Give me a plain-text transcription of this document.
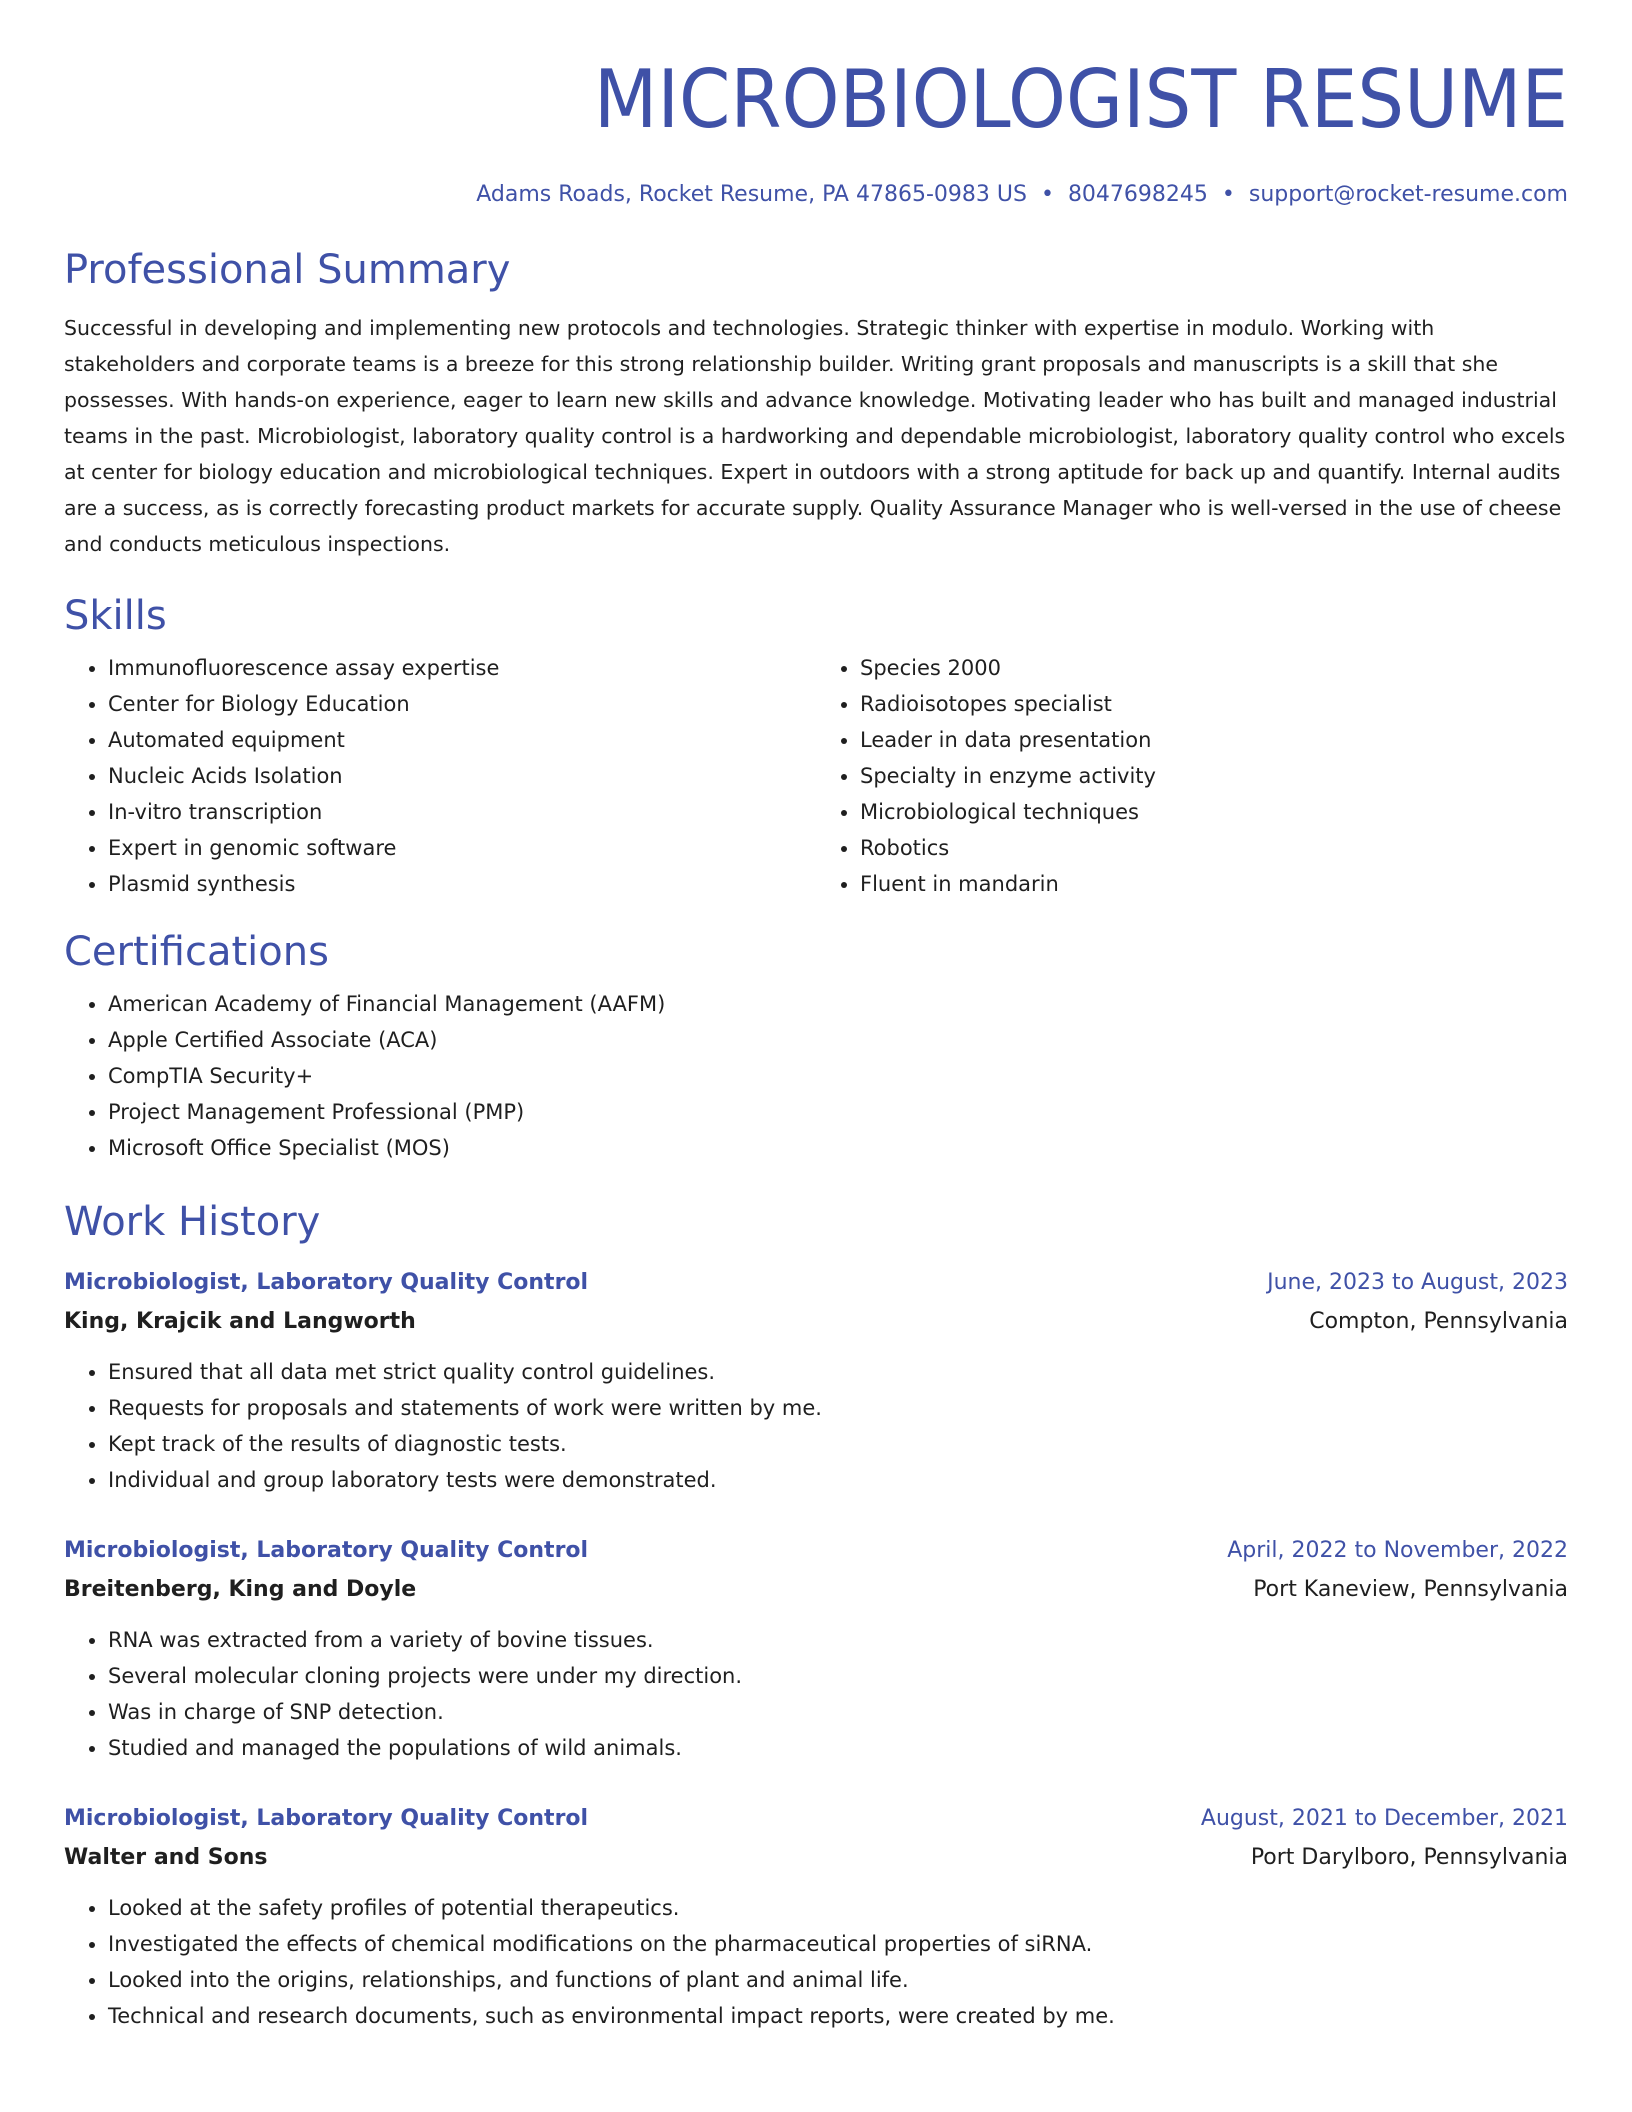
MICROBIOLOGIST RESUME
Adams Roads, Rocket Resume, PA 47865-0983 US • 8047698245 • support@rocket-resume.com
Professional Summary

Successful in developing and implementing new protocols and technologies. Strategic thinker with expertise in modulo. Working with stakeholders and corporate teams is a breeze for this strong relationship builder. Writing grant proposals and manuscripts is a skill that she possesses. With hands-on experience, eager to learn new skills and advance knowledge. Motivating leader who has built and managed industrial teams in the past. Microbiologist, laboratory quality control is a hardworking and dependable microbiologist, laboratory quality control who excels at center for biology education and microbiological techniques. Expert in outdoors with a strong aptitude for back up and quantify. Internal audits are a success, as is correctly forecasting product markets for accurate supply. Quality Assurance Manager who is well-versed in the use of cheese and conducts meticulous inspections.

Skills
• Immunofluorescence assay expertise
• Center for Biology Education
• Automated equipment
• Nucleic Acids Isolation
• In-vitro transcription
• Expert in genomic software
• Plasmid synthesis
• Species 2000
• Radioisotopes specialist
• Leader in data presentation
• Specialty in enzyme activity
• Microbiological techniques
• Robotics
• Fluent in mandarin
Certifications
• American Academy of Financial Management (AAFM)
• Apple Certified Associate (ACA)
• CompTIA Security+
• Project Management Professional (PMP)
• Microsoft Office Specialist (MOS)
Work History
Microbiologist, Laboratory Quality Control	June, 2023 to August, 2023
King, Krajcik and Langworth	Compton, Pennsylvania
• Ensured that all data met strict quality control guidelines.
• Requests for proposals and statements of work were written by me.
• Kept track of the results of diagnostic tests.
• Individual and group laboratory tests were demonstrated.
Microbiologist, Laboratory Quality Control	April, 2022 to November, 2022
Breitenberg, King and Doyle	Port Kaneview, Pennsylvania
• RNA was extracted from a variety of bovine tissues.
• Several molecular cloning projects were under my direction.
• Was in charge of SNP detection.
• Studied and managed the populations of wild animals.
Microbiologist, Laboratory Quality Control	August, 2021 to December, 2021
Walter and Sons	Port Darylboro, Pennsylvania
• Looked at the safety profiles of potential therapeutics.
• Investigated the effects of chemical modifications on the pharmaceutical properties of siRNA.
• Looked into the origins, relationships, and functions of plant and animal life.
• Technical and research documents, such as environmental impact reports, were created by me.
